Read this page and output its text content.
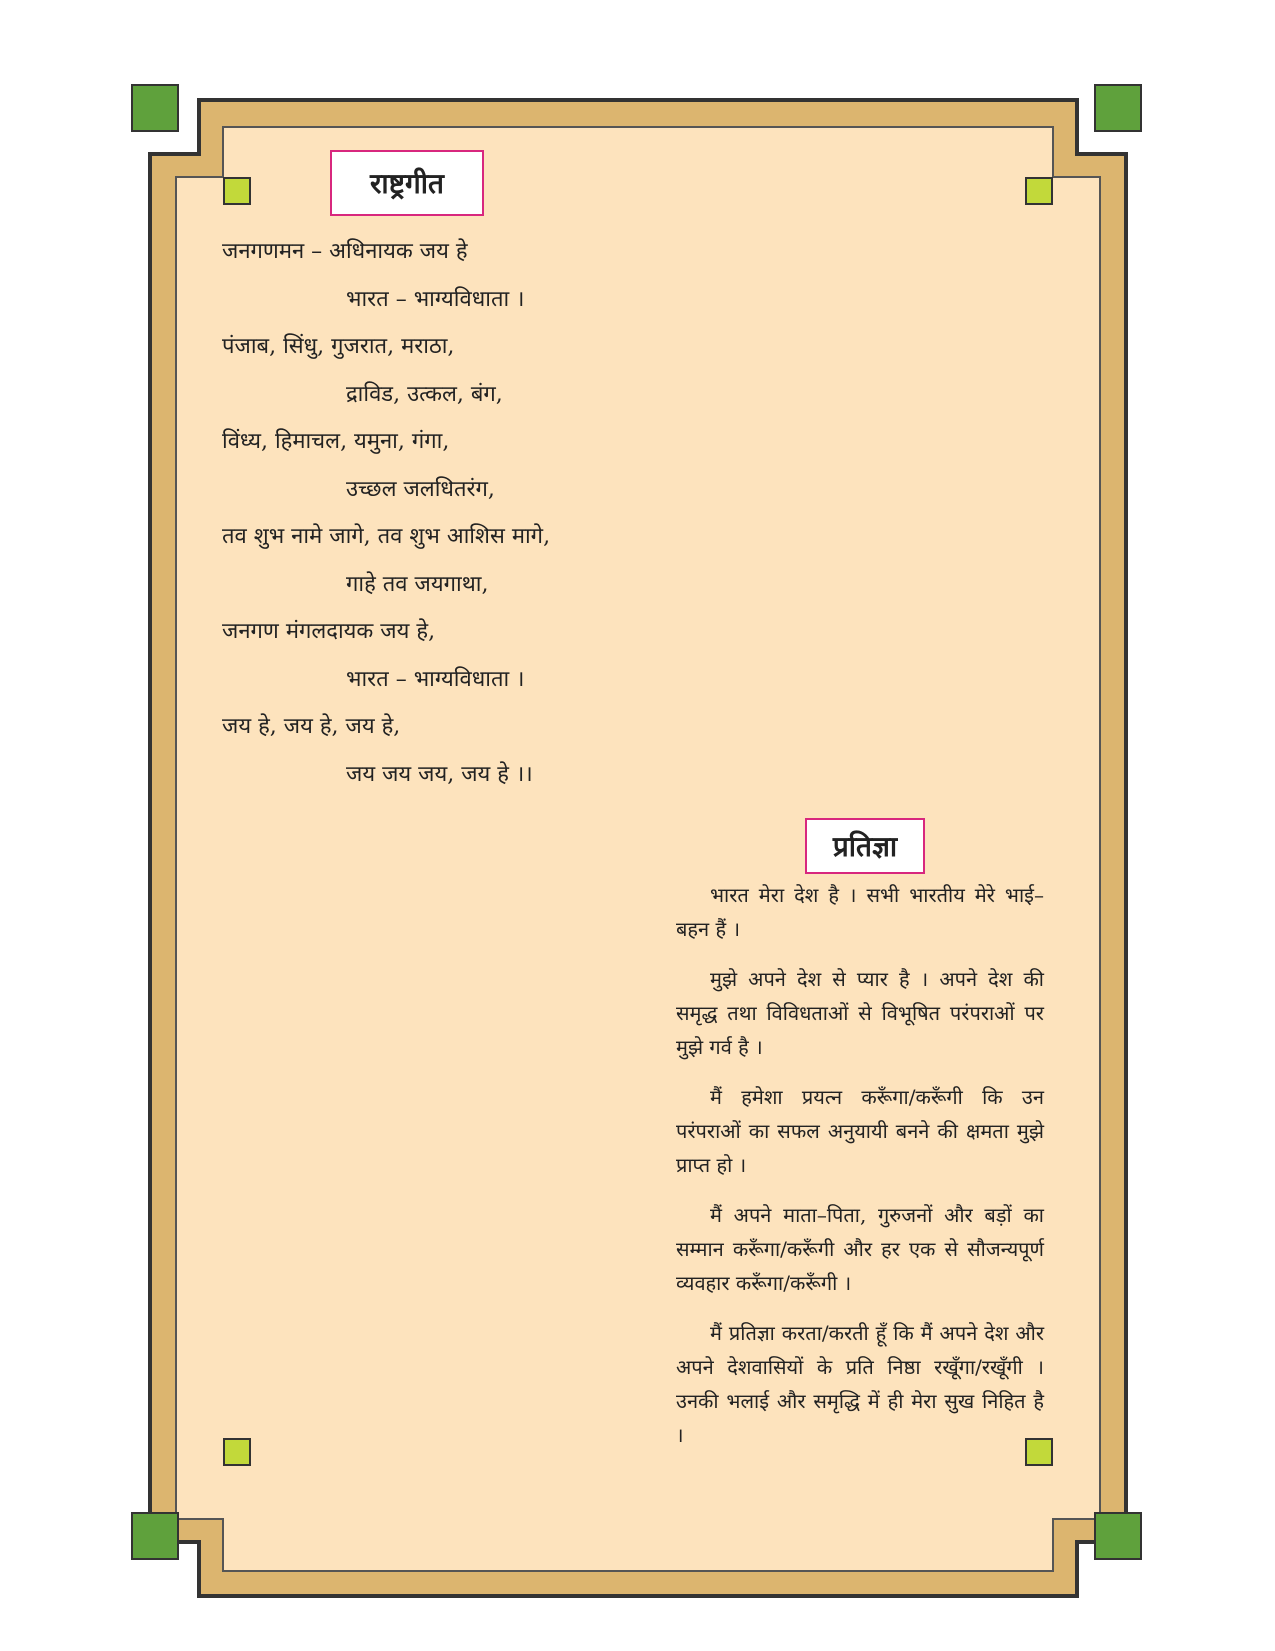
राष्ट्रगीत
जनगणमन – अधिनायक जय हे
भारत – भाग्यविधाता ।
पंजाब, सिंधु, गुजरात, मराठा,
द्राविड, उत्कल, बंग,
विंध्य, हिमाचल, यमुना, गंगा,
उच्छल जलधितरंग,
तव शुभ नामे जागे, तव शुभ आशिस मागे,
गाहे तव जयगाथा,
जनगण मंगलदायक जय हे,
भारत – भाग्यविधाता ।
जय हे, जय हे, जय हे,
जय जय जय, जय हे ।।
प्रतिज्ञा

भारत मेरा देश है । सभी भारतीय मेरे भाई–बहन हैं ।

मुझे अपने देश से प्यार है । अपने देश की समृद्ध तथा विविधताओं से विभूषित परंपराओं पर मुझे गर्व है ।

मैं हमेशा प्रयत्न करूँगा/करूँगी कि उन परंपराओं का सफल अनुयायी बनने की क्षमता मुझे प्राप्त हो ।

मैं अपने माता–पिता, गुरुजनों और बड़ों का सम्मान करूँगा/करूँगी और हर एक से सौजन्यपूर्ण व्यवहार करूँगा/करूँगी ।

मैं प्रतिज्ञा करता/करती हूँ कि मैं अपने देश और अपने देशवासियों के प्रति निष्ठा रखूँगा/रखूँगी । उनकी भलाई और समृद्धि में ही मेरा सुख निहित है ।
